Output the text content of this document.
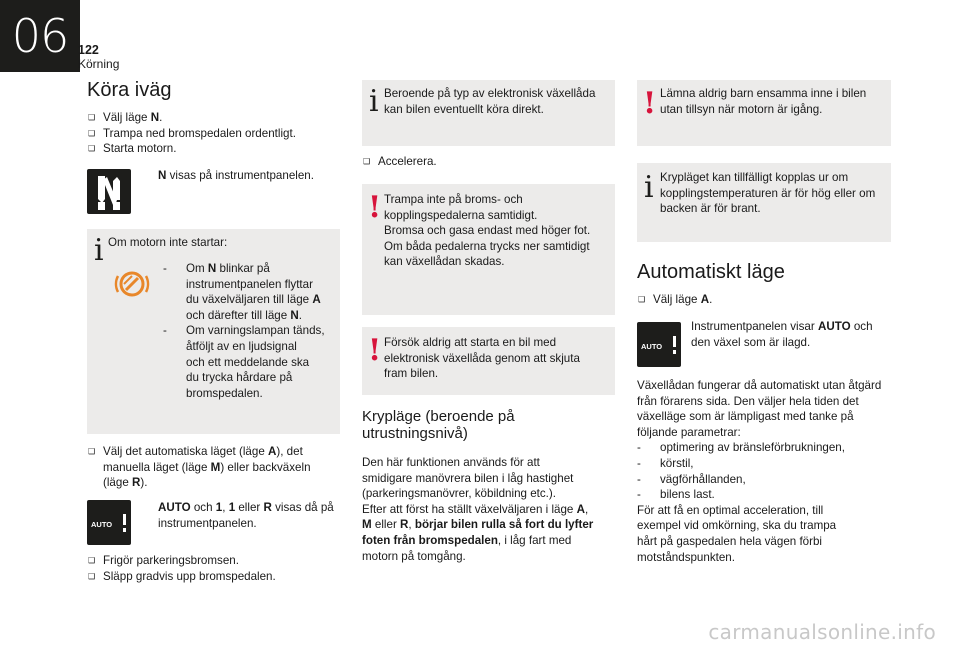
06 122
Körning
Köra iväg
❑ Välj läge N.
❑ Trampa ned bromspedalen ordentligt.
❑ Starta motorn.
N visas på instrumentpanelen.
i Om motorn inte startar:
- Om N blinkar på
instrumentpanelen flyttar
du växelväljaren till läge A
och därefter till läge N.
- Om varningslampan tänds,
åtföljt av en ljudsignal
och ett meddelande ska
du trycka hårdare på
bromspedalen.
❑ Välj det automatiska läget (läge A), det
manuella läget (läge M) eller backväxeln
(läge R).
AUTO
AUTO och 1, 1 eller R visas då på
instrumentpanelen.
❑ Frigör parkeringsbromsen.
❑ Släpp gradvis upp bromspedalen.
i Beroende på typ av elektronisk växellåda
kan bilen eventuellt köra direkt.
❑ Accelerera.
! Trampa inte på broms- och
kopplingspedalerna samtidigt.
Bromsa och gasa endast med höger fot.
Om båda pedalerna trycks ner samtidigt
kan växellådan skadas.
! Försök aldrig att starta en bil med
elektronisk växellåda genom att skjuta
fram bilen.
Krypläge (beroende på
utrustningsnivå)
Den här funktionen används för att
smidigare manövrera bilen i låg hastighet
(parkeringsmanövrer, köbildning etc.).
Efter att först ha ställt växelväljaren i läge A,
M eller R, börjar bilen rulla så fort du lyfter
foten från bromspedalen, i låg fart med
motorn på tomgång.
! Lämna aldrig barn ensamma inne i bilen
utan tillsyn när motorn är igång.
i Krypläget kan tillfälligt kopplas ur om
kopplingstemperaturen är för hög eller om
backen är för brant.
Automatiskt läge
❑ Välj läge A.
AUTO
Instrumentpanelen visar AUTO och
den växel som är ilagd.
Växellådan fungerar då automatiskt utan åtgärd
från förarens sida. Den väljer hela tiden det
växelläge som är lämpligast med tanke på
följande parametrar:
- optimering av bränsleförbrukningen,
- körstil,
- vägförhållanden,
- bilens last.
För att få en optimal acceleration, till
exempel vid omkörning, ska du trampa
hårt på gaspedalen hela vägen förbi
motståndspunkten.
carmanualsonline.info
